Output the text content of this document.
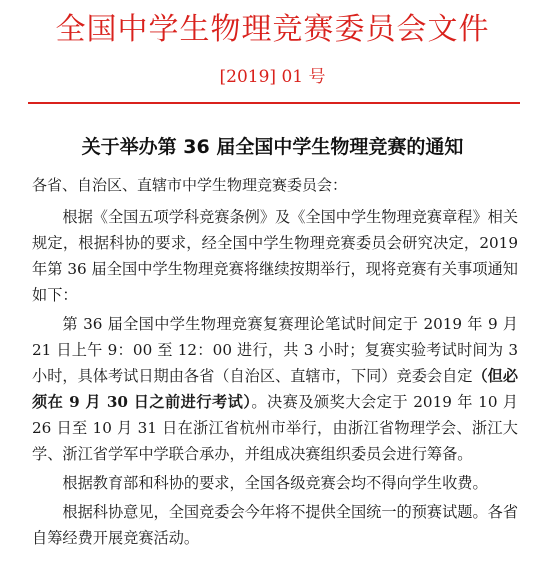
全国中学生物理竞赛委员会文件
[2019] 01 号
关于举办第 36 届全国中学生物理竞赛的通知

各省、自治区、直辖市中学生物理竞赛委员会：

根据《全国五项学科竞赛条例》及《全国中学生物理竞赛章程》相关规定，根据科协的要求，经全国中学生物理竞赛委员会研究决定，2019 年第 36 届全国中学生物理竞赛将继续按期举行，现将竞赛有关事项通知如下：

第 36 届全国中学生物理竞赛复赛理论笔试时间定于 2019 年 9 月 21 日上午 9：00 至 12：00 进行，共 3 小时；复赛实验考试时间为 3 小时，具体考试日期由各省（自治区、直辖市，下同）竞委会自定（但必须在 9 月 30 日之前进行考试）。决赛及颁奖大会定于 2019 年 10 月 26 日至 10 月 31 日在浙江省杭州市举行，由浙江省物理学会、浙江大学、浙江省学军中学联合承办，并组成决赛组织委员会进行筹备。

根据教育部和科协的要求，全国各级竞赛会均不得向学生收费。

根据科协意见，全国竞委会今年将不提供全国统一的预赛试题。各省自筹经费开展竞赛活动。
